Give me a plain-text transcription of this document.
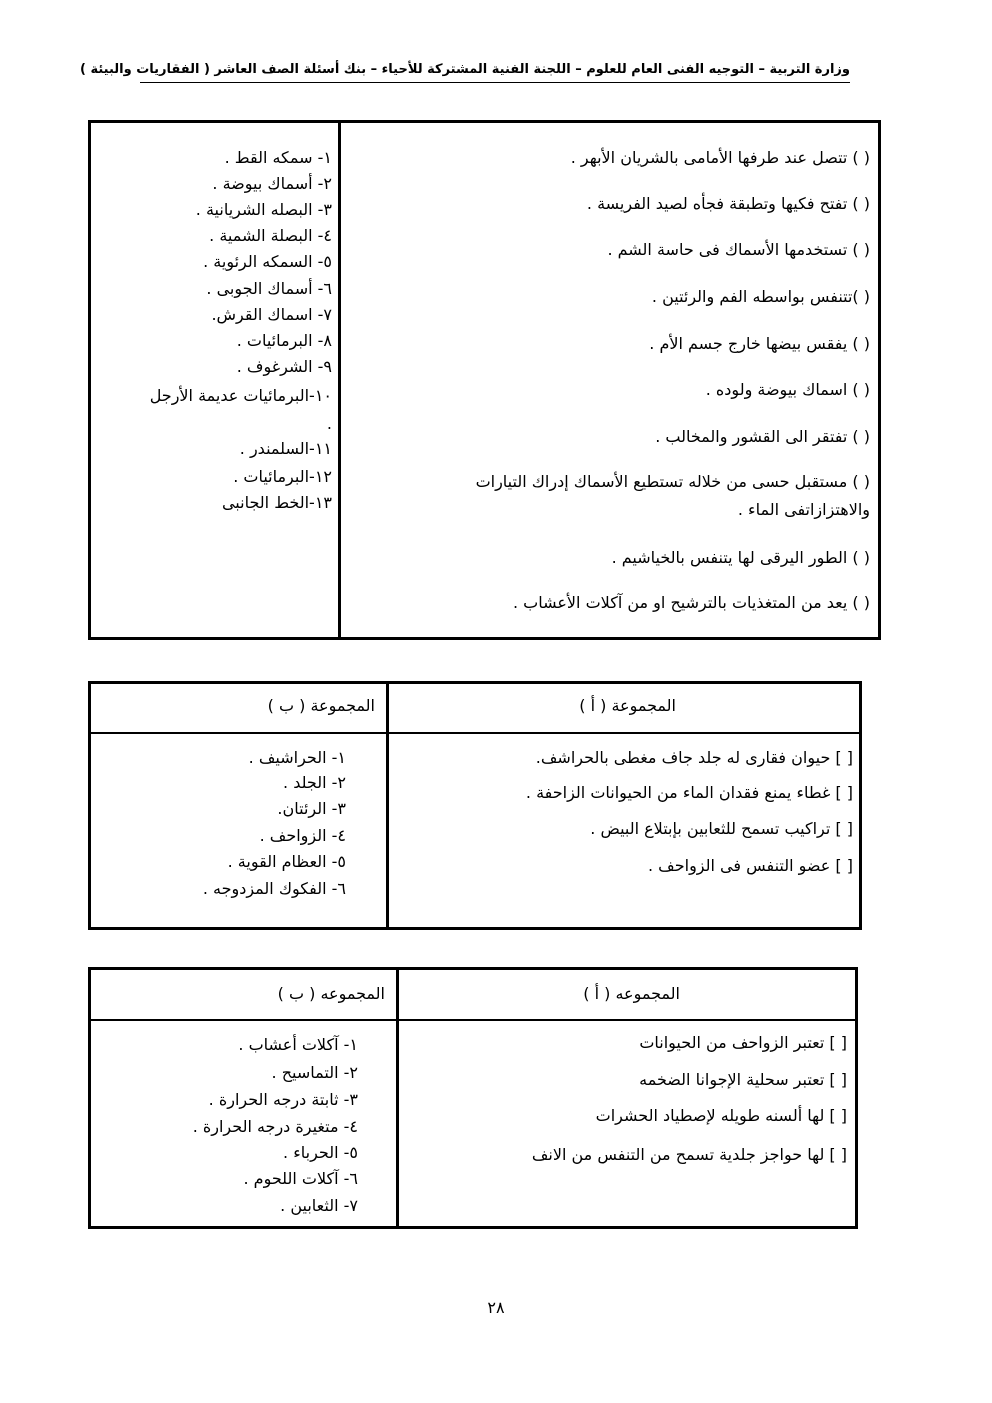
وزارة التربية – التوجيه الفنى العام للعلوم – اللجنة الفنية المشتركة للأحياء – بنك أسئلة الصف العاشر ( الفقاريات والبيئة )
( ) تتصل عند طرفها الأمامى بالشريان الأبهر .
( ) تفتح فكيها وتطبقة فجأه لصيد الفريسة .
( ) تستخدمها الأسماك فى حاسة الشم .
( )تتنفس بواسطه الفم والرئتين .
( ) يفقس بيضها خارج جسم الأم .
( ) اسماك بيوضة ولوده .
( ) تفتقر الى القشور والمخالب .
( ) مستقبل حسى من خلاله تستطيع الأسماك إدراك التيارات
والاهتزازاتفى الماء .
( ) الطور اليرقى لها يتنفس بالخياشيم .
( ) يعد من المتغذيات بالترشيح او من آكلات الأعشاب .
١- سمكه القط .
٢- أسماك بيوضة .
٣- البصله الشريانية .
٤- البصلة الشمية .
٥- السمكه الرئوية .
٦- أسماك الجوبى .
٧- اسماك القرش.
٨- البرمائيات .
٩- الشرغوف .
١٠-البرمائيات عديمة الأرجل
.
١١-السلمندر .
١٢-البرمائيات .
١٣-الخط الجانبى
المجموعة ( أ )
المجموعة ( ب )
[ ] حيوان فقارى له جلد جاف مغطى بالحراشف.
[ ] غطاء يمنع فقدان الماء من الحيوانات الزاحفة .
[ ] تراكيب تسمح للثعابين بإبتلاع البيض .
[ ] عضو التنفس فى الزواحف .
١- الحراشيف .
٢- الجلد .
٣- الرئتان.
٤- الزواحف .
٥- العظام القوية .
٦- الفكوك المزدوجه .
المجموعه ( أ )
المجموعه ( ب )
[ ] تعتبر الزواحف من الحيوانات
[ ] تعتبر سحلية الإجوانا الضخمه
[ ] لها ألسنه طويله لإصطياد الحشرات
[ ] لها حواجز جلدية تسمح من التنفس من الانف
١- آكلات أعشاب .
٢- التماسيح .
٣- ثابتة درجه الحرارة .
٤- متغيرة درجه الحرارة .
٥- الحرباء .
٦- آكلات اللحوم .
٧- الثعابين .
٢٨
